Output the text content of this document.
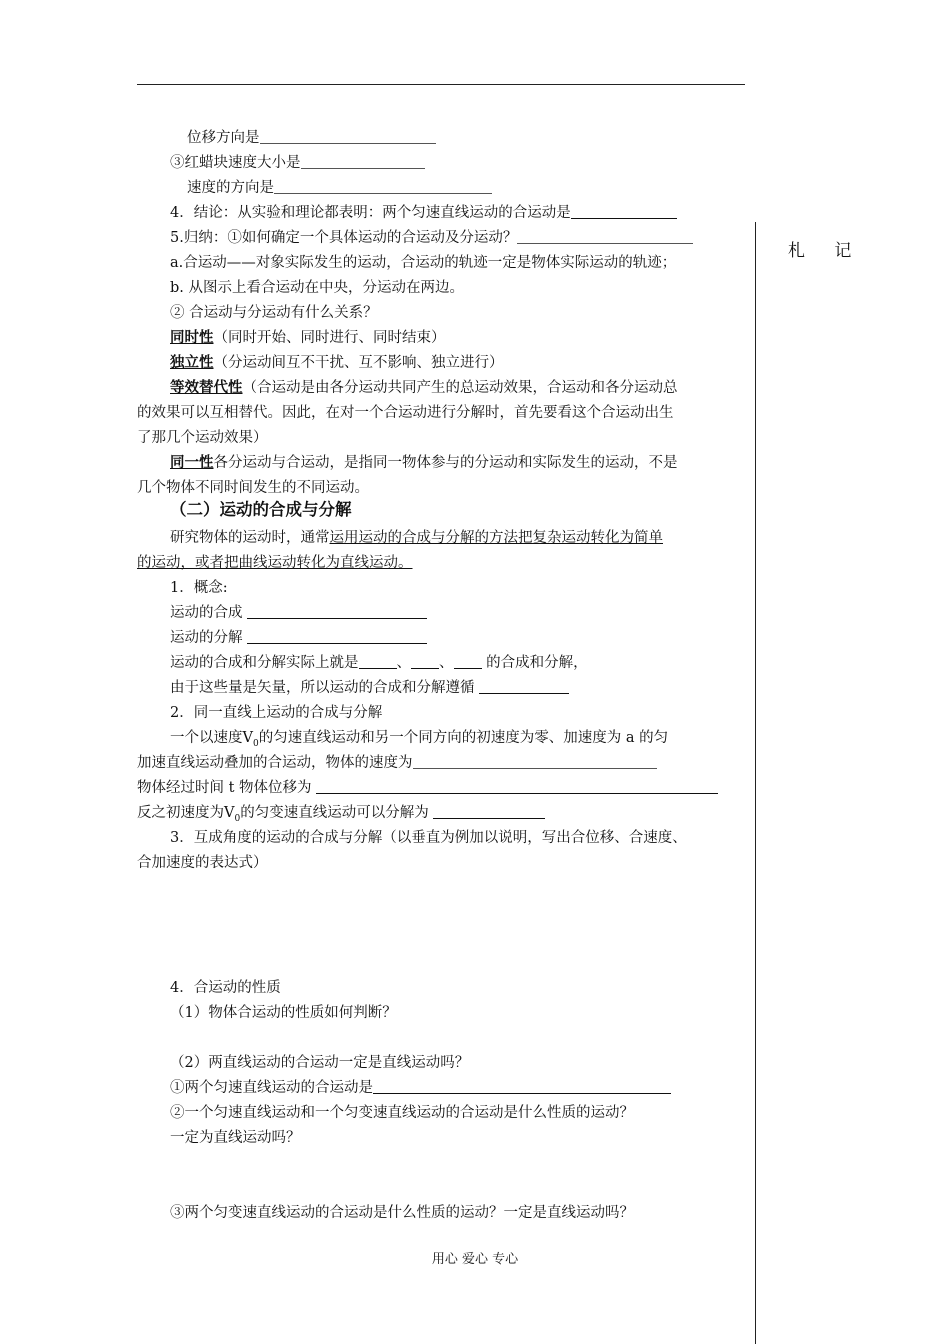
札 记
位移方向是
③红蜡块速度大小是
速度的方向是
4．结论：从实验和理论都表明：两个匀速直线运动的合运动是
5.归纳：①如何确定一个具体运动的合运动及分运动？
a.合运动——对象实际发生的运动，合运动的轨迹一定是物体实际运动的轨迹；
b. 从图示上看合运动在中央，分运动在两边。
② 合运动与分运动有什么关系？
同时性（同时开始、同时进行、同时结束）
独立性（分运动间互不干扰、互不影响、独立进行）
等效替代性（合运动是由各分运动共同产生的总运动效果，合运动和各分运动总
的效果可以互相替代。因此，在对一个合运动进行分解时，首先要看这个合运动出生
了那几个运动效果）
同一性各分运动与合运动，是指同一物体参与的分运动和实际发生的运动，不是
几个物体不同时间发生的不同运动。
（二）运动的合成与分解
研究物体的运动时，通常运用运动的合成与分解的方法把复杂运动转化为简单
的运动，或者把曲线运动转化为直线运动。
1．概念:
运动的合成
运动的分解
运动的合成和分解实际上就是	、 、 的合成和分解，
由于这些量是矢量，所以运动的合成和分解遵循
2．同一直线上运动的合成与分解
一个以速度$V_0$的匀速直线运动和另一个同方向的初速度为零、加速度为 a 的匀
加速直线运动叠加的合运动，物体的速度为
物体经过时间 t 物体位移为
反之初速度为$V_0$的匀变速直线运动可以分解为
3．互成角度的运动的合成与分解（以垂直为例加以说明，写出合位移、合速度、
合加速度的表达式）
4．合运动的性质
（1）物体合运动的性质如何判断？
（2）两直线运动的合运动一定是直线运动吗？
①两个匀速直线运动的合运动是
②一个匀速直线运动和一个匀变速直线运动的合运动是什么性质的运动？
一定为直线运动吗？
③两个匀变速直线运动的合运动是什么性质的运动？一定是直线运动吗？
用心 爱心 专心
